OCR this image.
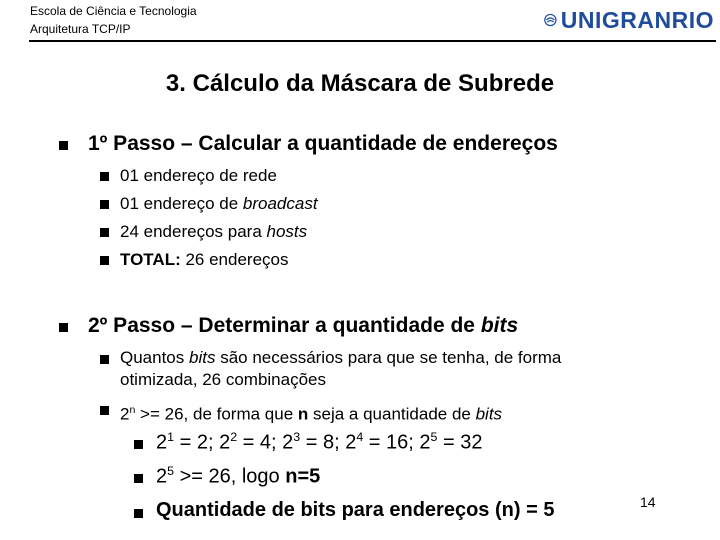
Escola de Ciência e Tecnologia
Arquitetura TCP/IP	UNIGRANRIO
3. Cálculo da Máscara de Subrede
1º Passo – Calcular a quantidade de endereços
01 endereço de rede
01 endereço de broadcast
24 endereços para hosts
TOTAL: 26 endereços
2º Passo – Determinar a quantidade de bits
Quantos bits são necessários para que se tenha, de forma
otimizada, 26 combinações
$2^n >= 26$, de forma que n seja a quantidade de bits
$2^1 = 2$; $2^2 = 4$; $2^3 = 8$; $2^4 = 16$; $2^5 = 32$
$2^5 >= 26$, logo n=5
Quantidade de bits para endereços (n) = 5	14
